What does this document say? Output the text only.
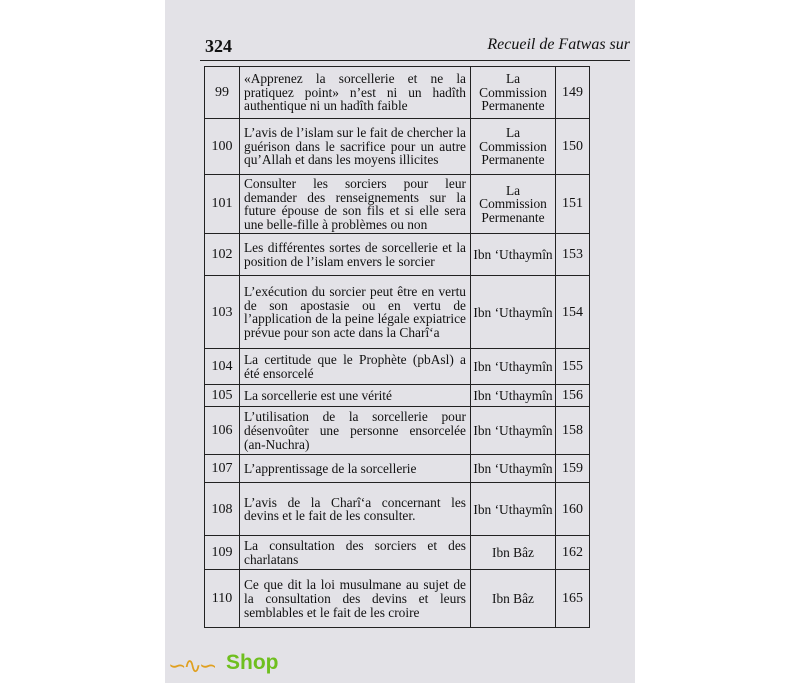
324	Recueil de Fatwas sur
99	«Apprenez la sorcellerie et ne la pratiquez point» n’est ni un hadîth authentique ni un hadîth faible	La Commission Permanente	149
100	L’avis de l’islam sur le fait de chercher la guérison dans le sacrifice pour un autre qu’Allah et dans les moyens illicites	La Commission Permanente	150
101	Consulter les sorciers pour leur demander des renseignements sur la future épouse de son fils et si elle sera une belle-fille à problèmes ou non	La Commission Permenante	151
102	Les différentes sortes de sorcellerie et la position de l’islam envers le sorcier	Ibn ‘Uthaymîn	153
103	L’exécution du sorcier peut être en vertu de son apostasie ou en vertu de l’application de la peine légale expiatrice prévue pour son acte dans la Charî‘a	Ibn ‘Uthaymîn	154
104	La certitude que le Prophète (pbAsl) a été ensorcelé	Ibn ‘Uthaymîn	155
105	La sorcellerie est une vérité	Ibn ‘Uthaymîn	156
106	L’utilisation de la sorcellerie pour désenvoûter une personne ensorcelée (an-Nuchra)	Ibn ‘Uthaymîn	158
107	L’apprentissage de la sorcellerie	Ibn ‘Uthaymîn	159
108	L’avis de la Charî‘a concernant les devins et le fait de les consulter.	Ibn ‘Uthaymîn	160
109	La consultation des sorciers et des charlatans	Ibn Bâz	162
110	Ce que dit la loi musulmane au sujet de la consultation des devins et leurs semblables et le fait de les croire	Ibn Bâz	165
∽∿∽ Shop
